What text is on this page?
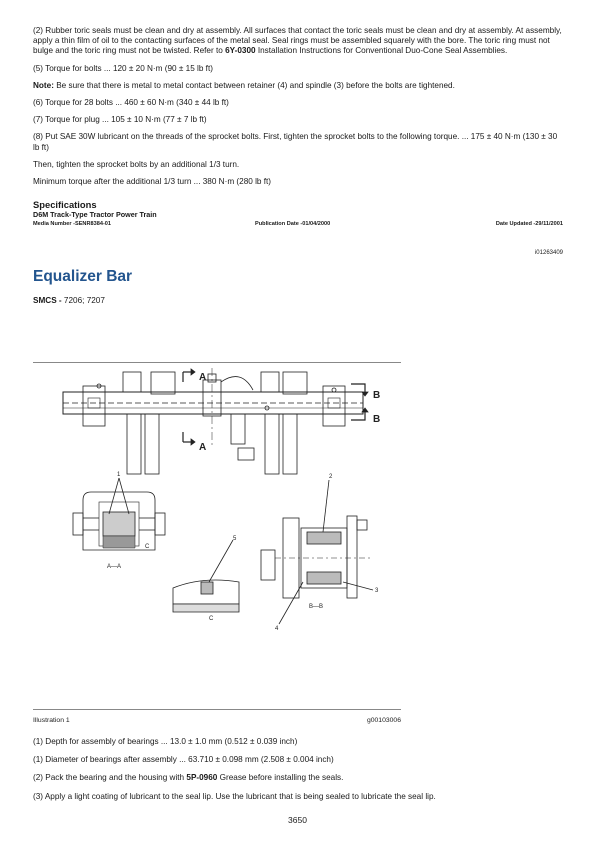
(2) Rubber toric seals must be clean and dry at assembly. All surfaces that contact the toric seals must be clean and dry at assembly. At assembly, apply a thin film of oil to the contacting surfaces of the metal seal. Seal rings must be assembled squarely with the bore. The toric ring must not bulge and the toric ring must not be twisted. Refer to 6Y-0300 Installation Instructions for Conventional Duo-Cone Seal Assemblies.

(5) Torque for bolts ... 120 ± 20 N·m (90 ± 15 lb ft)

Note: Be sure that there is metal to metal contact between retainer (4) and spindle (3) before the bolts are tightened.

(6) Torque for 28 bolts ... 460 ± 60 N·m (340 ± 44 lb ft)

(7) Torque for plug ... 105 ± 10 N·m (77 ± 7 lb ft)

(8) Put SAE 30W lubricant on the threads of the sprocket bolts. First, tighten the sprocket bolts to the following torque. ... 175 ± 40 N·m (130 ± 30 lb ft)

Then, tighten the sprocket bolts by an additional 1/3 turn.

Minimum torque after the additional 1/3 turn ... 380 N·m (280 lb ft)

Specifications
D6M Track-Type Tractor Power Train
Media Number -SENR8384-01	Publication Date -01/04/2000	Date Updated -29/11/2001
i01263409
Equalizer Bar
SMCS - 7206; 7207
A
A
B
B
1
C
A—A
5
C
2
3
4
B—B
Illustration 1	g00103006

(1) Depth for assembly of bearings ... 13.0 ± 1.0 mm (0.512 ± 0.039 inch)

(1) Diameter of bearings after assembly ... 63.710 ± 0.098 mm (2.508 ± 0.004 inch)

(2) Pack the bearing and the housing with 5P-0960 Grease before installing the seals.

(3) Apply a light coating of lubricant to the seal lip. Use the lubricant that is being sealed to lubricate the seal lip.

3650
